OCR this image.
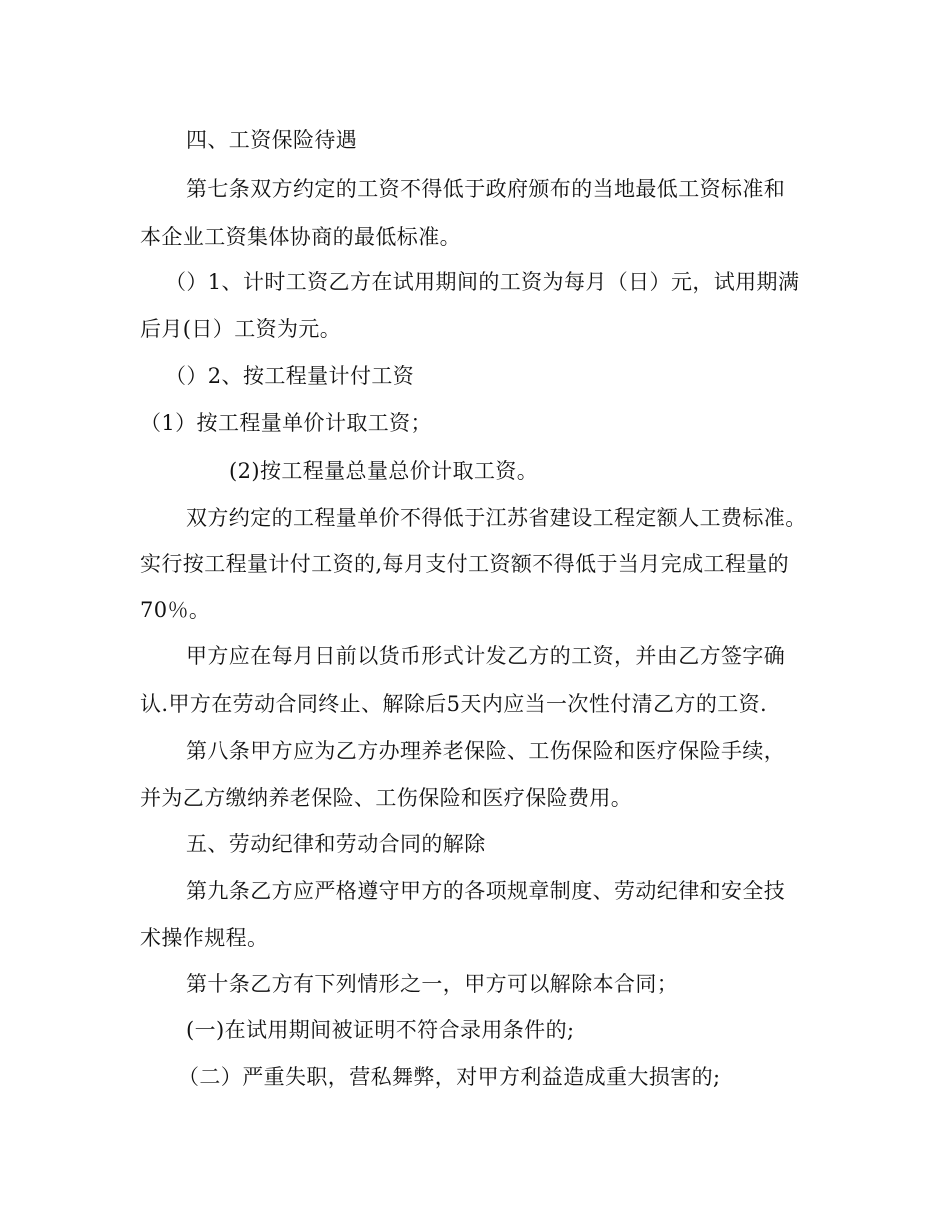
四、工资保险待遇
第七条双方约定的工资不得低于政府颁布的当地最低工资标准和
本企业工资集体协商的最低标准。
（）1、计时工资乙方在试用期间的工资为每月（日）元，试用期满
后月(日）工资为元。
（）2、按工程量计付工资
（1）按工程量单价计取工资；
(2)按工程量总量总价计取工资。
双方约定的工程量单价不得低于江苏省建设工程定额人工费标准。
实行按工程量计付工资的,每月支付工资额不得低于当月完成工程量的
70％。
甲方应在每月日前以货币形式计发乙方的工资，并由乙方签字确
认.甲方在劳动合同终止、解除后5天内应当一次性付清乙方的工资.
第八条甲方应为乙方办理养老保险、工伤保险和医疗保险手续，
并为乙方缴纳养老保险、工伤保险和医疗保险费用。
五、劳动纪律和劳动合同的解除
第九条乙方应严格遵守甲方的各项规章制度、劳动纪律和安全技
术操作规程。
第十条乙方有下列情形之一，甲方可以解除本合同；
(一)在试用期间被证明不符合录用条件的;
（二）严重失职，营私舞弊，对甲方利益造成重大损害的;
